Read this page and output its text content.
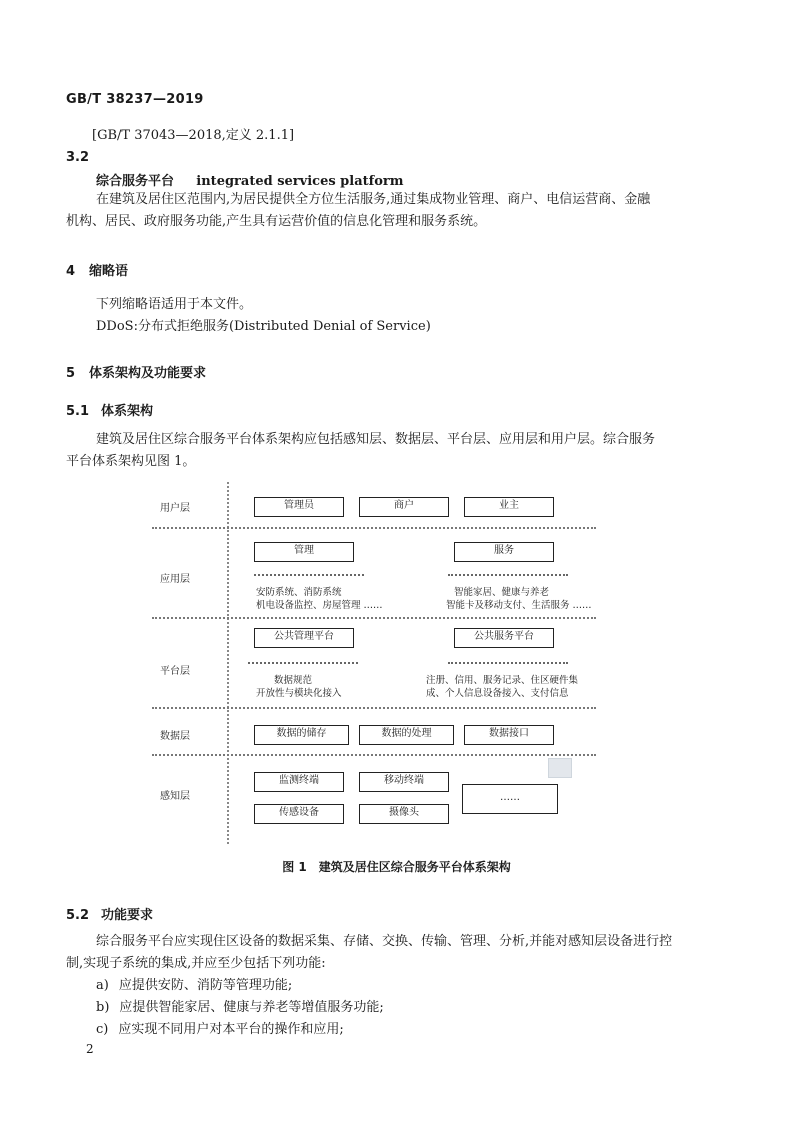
GB/T 38237—2019
[GB/T 37043—2018,定义 2.1.1]
3.2
综合服务平台 integrated services platform
在建筑及居住区范围内,为居民提供全方位生活服务,通过集成物业管理、商户、电信运营商、金融
机构、居民、政府服务功能,产生具有运营价值的信息化管理和服务系统。
4 缩略语
下列缩略语适用于本文件。
DDoS:分布式拒绝服务(Distributed Denial of Service)
5 体系架构及功能要求
5.1 体系架构
建筑及居住区综合服务平台体系架构应包括感知层、数据层、平台层、应用层和用户层。综合服务
平台体系架构见图 1。
用户层
应用层
平台层
数据层
感知层
管理员	商户	业主
管理	服务
安防系统、消防系统
机电设备监控、房屋管理 ……
智能家居、健康与养老
智能卡及移动支付、生活服务 ……
公共管理平台	公共服务平台
数据规范
开放性与模块化接入
注册、信用、服务记录、住区硬件集
成、个人信息设备接入、支付信息
数据的储存	数据的处理	数据接口
监测终端	移动终端
传感设备	摄像头
……
图 1　建筑及居住区综合服务平台体系架构
5.2 功能要求
综合服务平台应实现住区设备的数据采集、存储、交换、传输、管理、分析,并能对感知层设备进行控
制,实现子系统的集成,并应至少包括下列功能:
a) 应提供安防、消防等管理功能;
b) 应提供智能家居、健康与养老等增值服务功能;
c) 应实现不同用户对本平台的操作和应用;
2
